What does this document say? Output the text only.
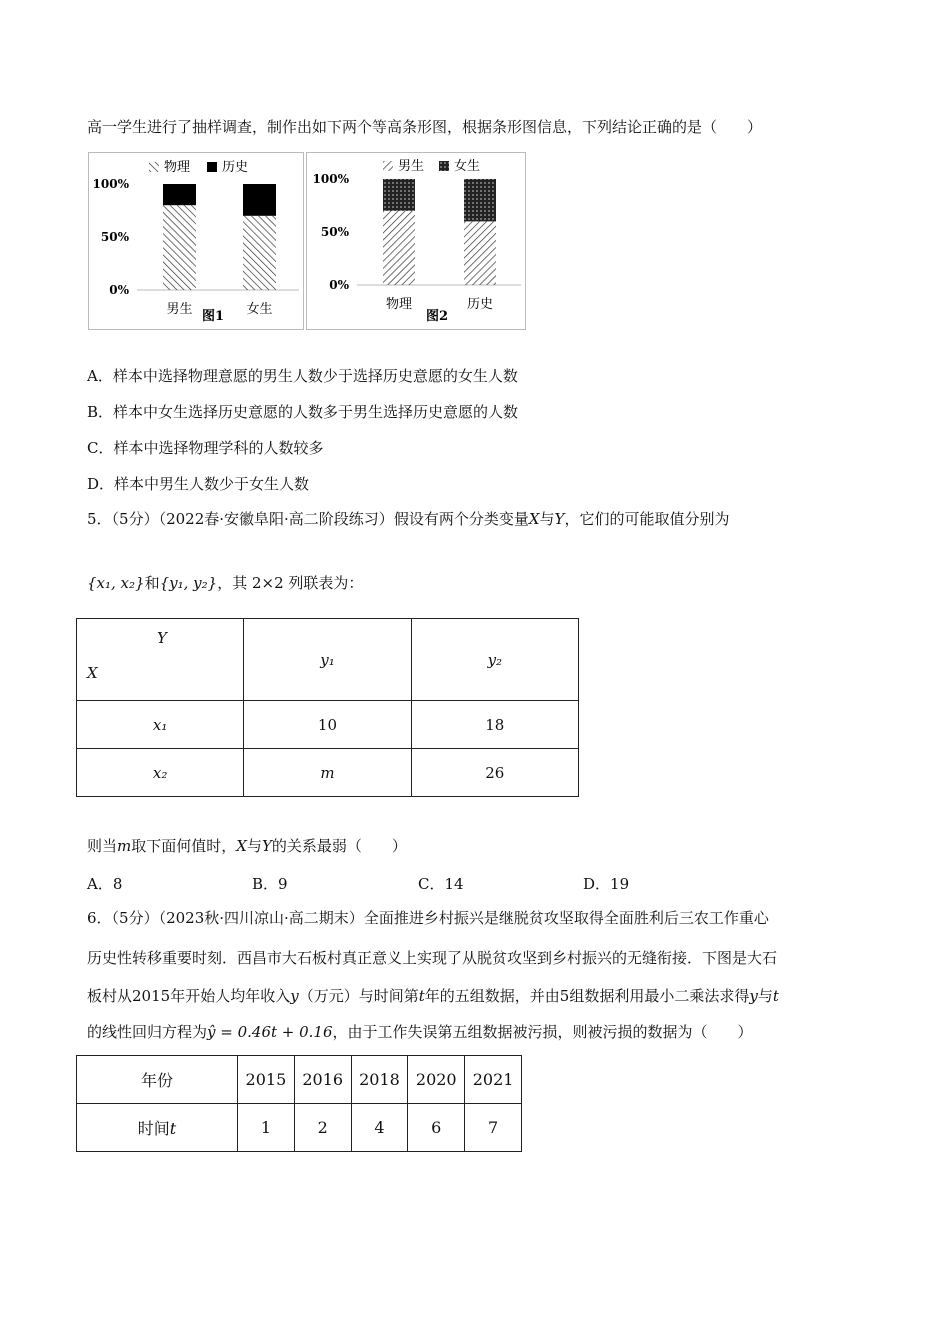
高一学生进行了抽样调查，制作出如下两个等高条形图，根据条形图信息，下列结论正确的是（　　）
物理 历史
0%
50%
100%
男生	女生
图1
男生 女生
0%
50%
100%
物理	历史
图2
A．样本中选择物理意愿的男生人数少于选择历史意愿的女生人数
B．样本中女生选择历史意愿的人数多于男生选择历史意愿的人数
C．样本中选择物理学科的人数较多
D．样本中男生人数少于女生人数
5．（5分）（2022春·安徽阜阳·高二阶段练习）假设有两个分类变量X与Y，它们的可能取值分别为
{x₁, x₂}和{y₁, y₂}，其 2×2 列联表为：
Y
X	y₁	y₂
x₁	10	18
x₂	m	26
则当m取下面何值时，X与Y的关系最弱（　　）
A．8	B．9	C．14	D．19
6．（5分）（2023秋·四川凉山·高二期末）全面推进乡村振兴是继脱贫攻坚取得全面胜利后三农工作重心
历史性转移重要时刻．西昌市大石板村真正意义上实现了从脱贫攻坚到乡村振兴的无缝衔接．下图是大石
板村从2015年开始人均年收入y（万元）与时间第t年的五组数据，并由5组数据利用最小二乘法求得y与t
的线性回归方程为ŷ = 0.46t + 0.16，由于工作失误第五组数据被污损，则被污损的数据为（　　）
年份	2015	2016	2018	2020	2021
时间t	1	2	4	6	7
